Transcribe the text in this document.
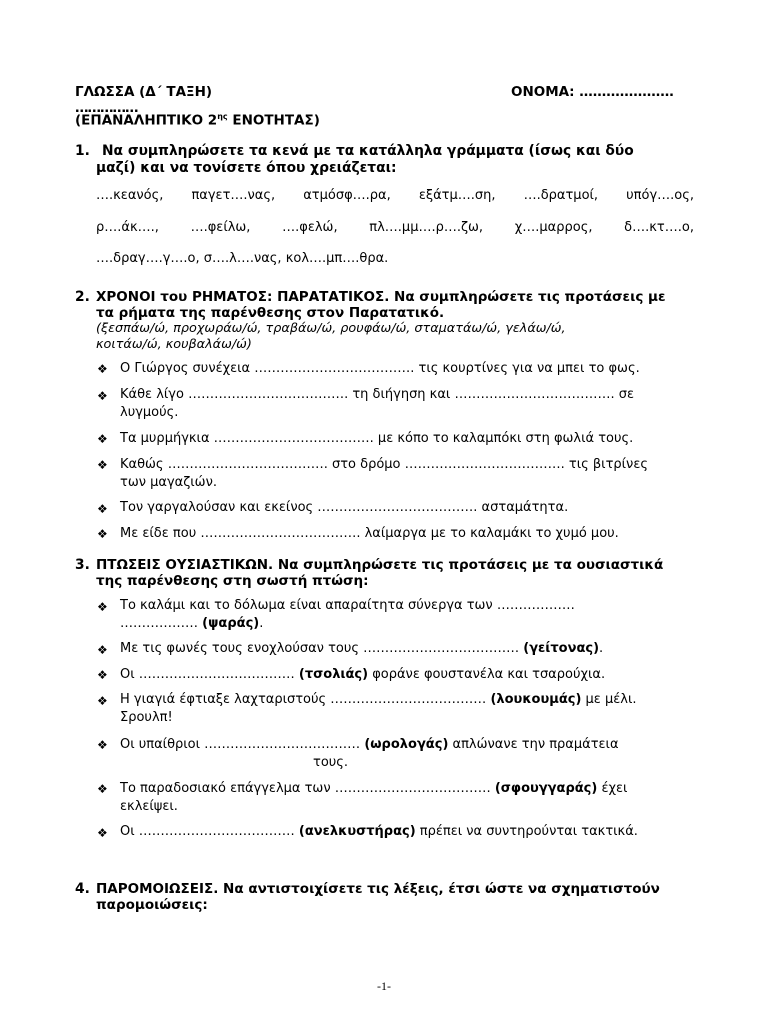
ΓΛΩΣΣΑ (Δ΄ ΤΑΞΗ)	ΟΝΟΜΑ: …………………
……………
(ΕΠΑΝΑΛΗΠΤΙΚΟ $2^{\eta\varsigma}$ ΕΝΟΤΗΤΑΣ)
1. Να συμπληρώσετε τα κενά με τα κατάλληλα γράμματα (ίσως και δύο
μαζί) και να τονίσετε όπου χρειάζεται:
….κεανός, παγετ….νας, ατμόσφ….ρα, εξάτμ….ση, ….δρατμοί, υπόγ….ος,
ρ….άκ…., ….φείλω, ….φελώ, πλ….μμ….ρ….ζω, χ….μαρρος, δ….κτ….ο,
….δραγ….γ….ο, σ….λ….νας, κολ….μπ….θρα.
2. ΧΡΟΝΟΙ του ΡΗΜΑΤΟΣ: ΠΑΡΑΤΑΤΙΚΟΣ. Να συμπληρώσετε τις προτάσεις με
τα ρήματα της παρένθεσης στον Παρατατικό.
(ξεσπάω/ώ, προχωράω/ώ, τραβάω/ώ, ρουφάω/ώ, σταματάω/ώ, γελάω/ώ,
κοιτάω/ώ, κουβαλάω/ώ)
❖ Ο Γιώργος συνέχεια ………………………………. τις κουρτίνες για να μπει το φως.
❖ Κάθε λίγο ………………………………. τη διήγηση και ………………………………. σε
λυγμούς.
❖ Τα μυρμήγκια ………………………………. με κόπο το καλαμπόκι στη φωλιά τους.
❖ Καθώς ………………………………. στο δρόμο ………………………………. τις βιτρίνες
των μαγαζιών.
❖ Τον γαργαλούσαν και εκείνος ………………………………. ασταμάτητα.
❖ Με είδε που ………………………………. λαίμαργα με το καλαμάκι το χυμό μου.
3. ΠΤΩΣΕΙΣ ΟΥΣΙΑΣΤΙΚΩΝ. Να συμπληρώσετε τις προτάσεις με τα ουσιαστικά
της παρένθεσης στη σωστή πτώση:
❖ Το καλάμι και το δόλωμα είναι απαραίτητα σύνεργα των ………………
……………… (ψαράς).
❖ Με τις φωνές τους ενοχλούσαν τους ……………………………… (γείτονας).
❖ Οι ……………………………… (τσολιάς) φοράνε φουστανέλα και τσαρούχια.
❖ Η γιαγιά έφτιαξε λαχταριστούς ……………………………… (λουκουμάς) με μέλι.
Σρουλπ!
❖ Οι υπαίθριοι ……………………………… (ωρολογάς) απλώνανε την πραμάτεια
τους.
❖ Το παραδοσιακό επάγγελμα των ……………………………… (σφουγγαράς) έχει
εκλείψει.
❖ Οι ……………………………… (ανελκυστήρας) πρέπει να συντηρούνται τακτικά.
4. ΠΑΡΟΜΟΙΩΣΕΙΣ. Να αντιστοιχίσετε τις λέξεις, έτσι ώστε να σχηματιστούν
παρομοιώσεις:
-1-
